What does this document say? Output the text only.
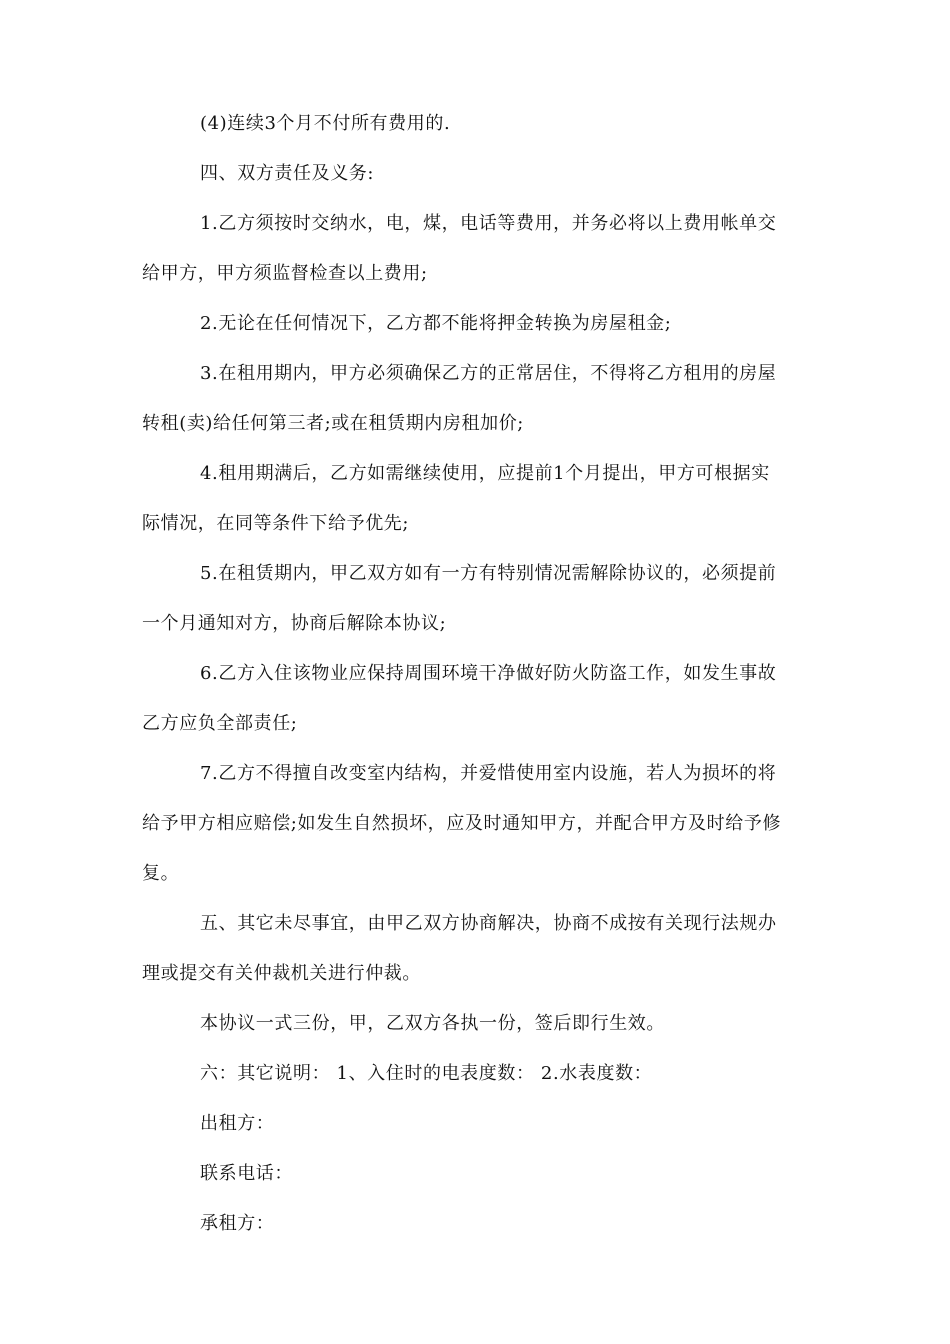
(4)连续3个月不付所有费用的.
四、双方责任及义务:
1.乙方须按时交纳水，电，煤，电话等费用，并务必将以上费用帐单交
给甲方，甲方须监督检查以上费用;
2.无论在任何情况下，乙方都不能将押金转换为房屋租金;
3.在租用期内，甲方必须确保乙方的正常居住，不得将乙方租用的房屋
转租(卖)给任何第三者;或在租赁期内房租加价;
4.租用期满后，乙方如需继续使用，应提前1个月提出，甲方可根据实
际情况，在同等条件下给予优先;
5.在租赁期内，甲乙双方如有一方有特别情况需解除协议的，必须提前
一个月通知对方，协商后解除本协议;
6.乙方入住该物业应保持周围环境干净做好防火防盗工作，如发生事故
乙方应负全部责任;
7.乙方不得擅自改变室内结构，并爱惜使用室内设施，若人为损坏的将
给予甲方相应赔偿;如发生自然损坏，应及时通知甲方，并配合甲方及时给予修
复。
五、其它未尽事宜，由甲乙双方协商解决，协商不成按有关现行法规办
理或提交有关仲裁机关进行仲裁。
本协议一式三份，甲，乙双方各执一份，签后即行生效。
六：其它说明： 1、入住时的电表度数： 2.水表度数：
出租方：
联系电话：
承租方：
